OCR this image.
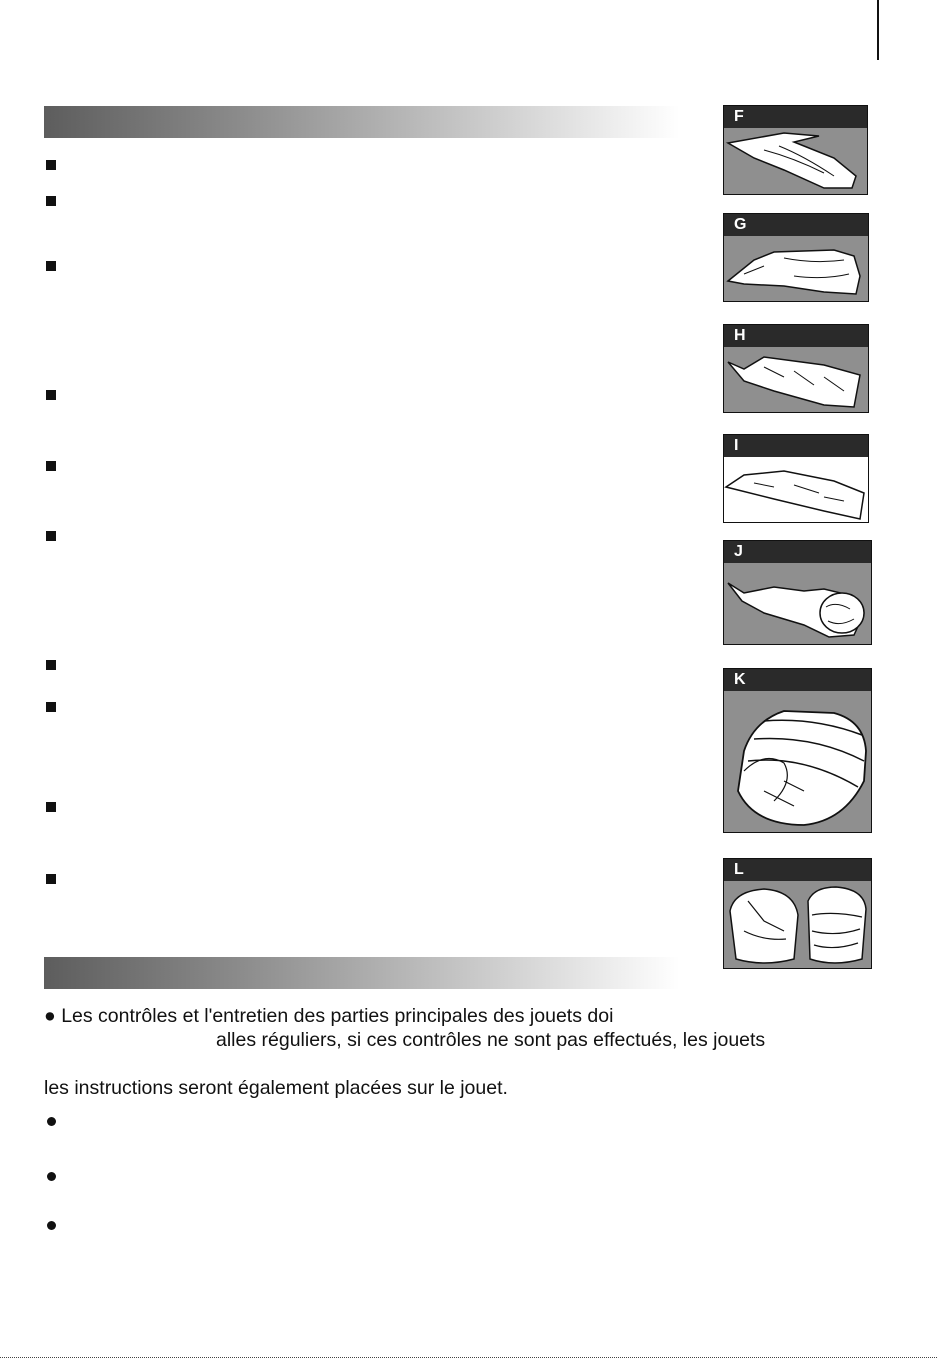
F
G
H
I
J
K
L
● Les contrôles et l'entretien des parties principales des jouets doi
alles réguliers, si ces contrôles ne sont pas effectués, les jouets
les instructions seront également placées sur le jouet.
